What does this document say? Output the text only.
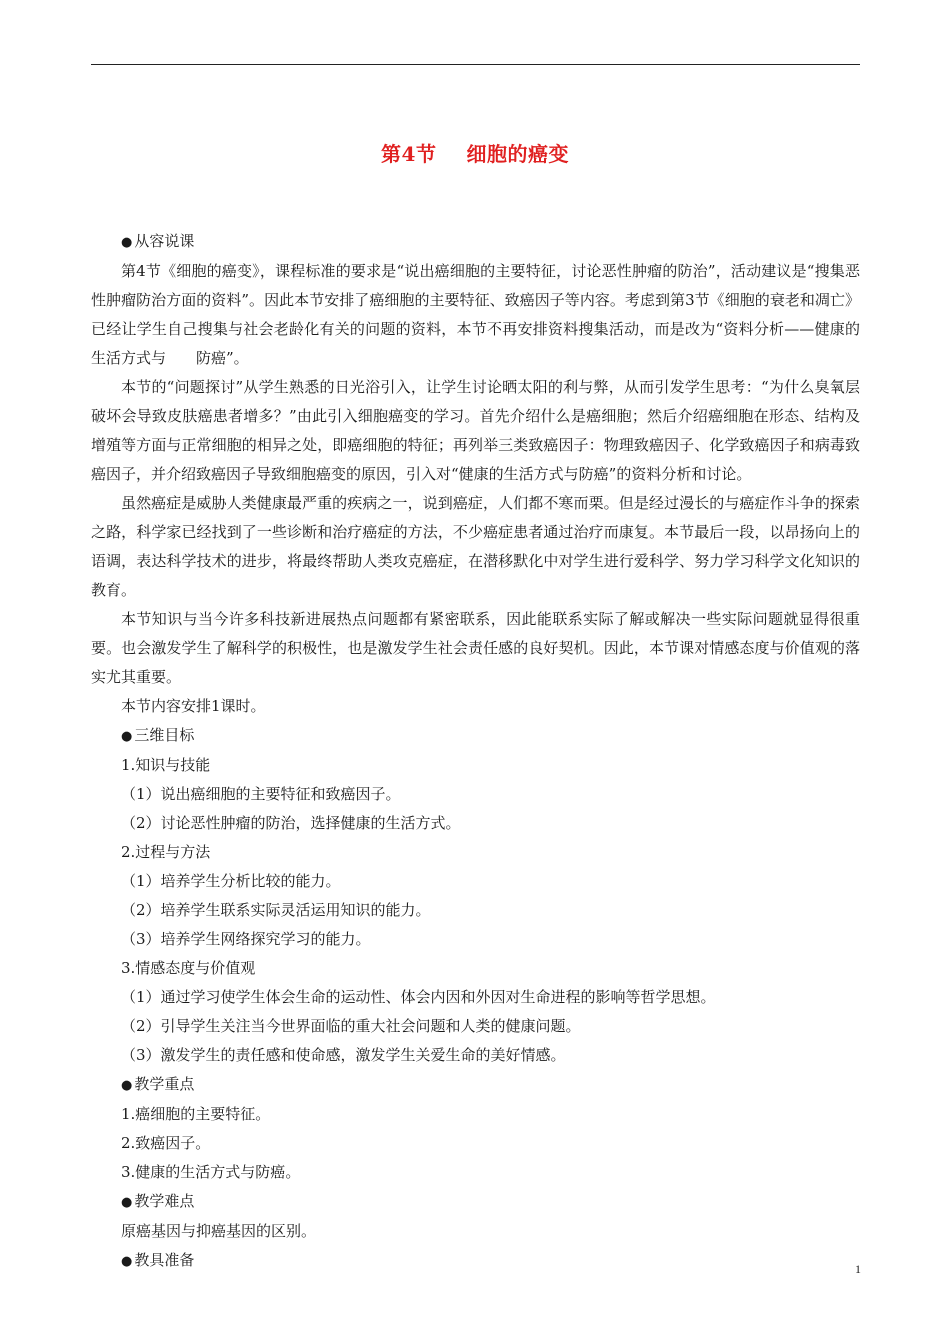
第4节 细胞的癌变

● 从容说课

第4节《细胞的癌变》，课程标准的要求是“说出癌细胞的主要特征，讨论恶性肿瘤的防治”，活动建议是“搜集恶性肿瘤防治方面的资料”。因此本节安排了癌细胞的主要特征、致癌因子等内容。考虑到第3节《细胞的衰老和凋亡》已经让学生自己搜集与社会老龄化有关的问题的资料，本节不再安排资料搜集活动，而是改为“资料分析——健康的生活方式与　　防癌”。

本节的“问题探讨”从学生熟悉的日光浴引入，让学生讨论晒太阳的利与弊，从而引发学生思考：“为什么臭氧层破坏会导致皮肤癌患者增多？”由此引入细胞癌变的学习。首先介绍什么是癌细胞；然后介绍癌细胞在形态、结构及增殖等方面与正常细胞的相异之处，即癌细胞的特征；再列举三类致癌因子：物理致癌因子、化学致癌因子和病毒致癌因子，并介绍致癌因子导致细胞癌变的原因，引入对“健康的生活方式与防癌”的资料分析和讨论。

虽然癌症是威胁人类健康最严重的疾病之一，说到癌症，人们都不寒而栗。但是经过漫长的与癌症作斗争的探索之路，科学家已经找到了一些诊断和治疗癌症的方法，不少癌症患者通过治疗而康复。本节最后一段，以昂扬向上的语调，表达科学技术的进步，将最终帮助人类攻克癌症，在潜移默化中对学生进行爱科学、努力学习科学文化知识的教育。

本节知识与当今许多科技新进展热点问题都有紧密联系，因此能联系实际了解或解决一些实际问题就显得很重要。也会激发学生了解科学的积极性，也是激发学生社会责任感的良好契机。因此，本节课对情感态度与价值观的落实尤其重要。

本节内容安排1课时。

● 三维目标

1.知识与技能

（1）说出癌细胞的主要特征和致癌因子。

（2）讨论恶性肿瘤的防治，选择健康的生活方式。

2.过程与方法

（1）培养学生分析比较的能力。

（2）培养学生联系实际灵活运用知识的能力。

（3）培养学生网络探究学习的能力。

3.情感态度与价值观

（1）通过学习使学生体会生命的运动性、体会内因和外因对生命进程的影响等哲学思想。

（2）引导学生关注当今世界面临的重大社会问题和人类的健康问题。

（3）激发学生的责任感和使命感，激发学生关爱生命的美好情感。

● 教学重点

1.癌细胞的主要特征。

2.致癌因子。

3.健康的生活方式与防癌。

● 教学难点

原癌基因与抑癌基因的区别。

● 教具准备	1
